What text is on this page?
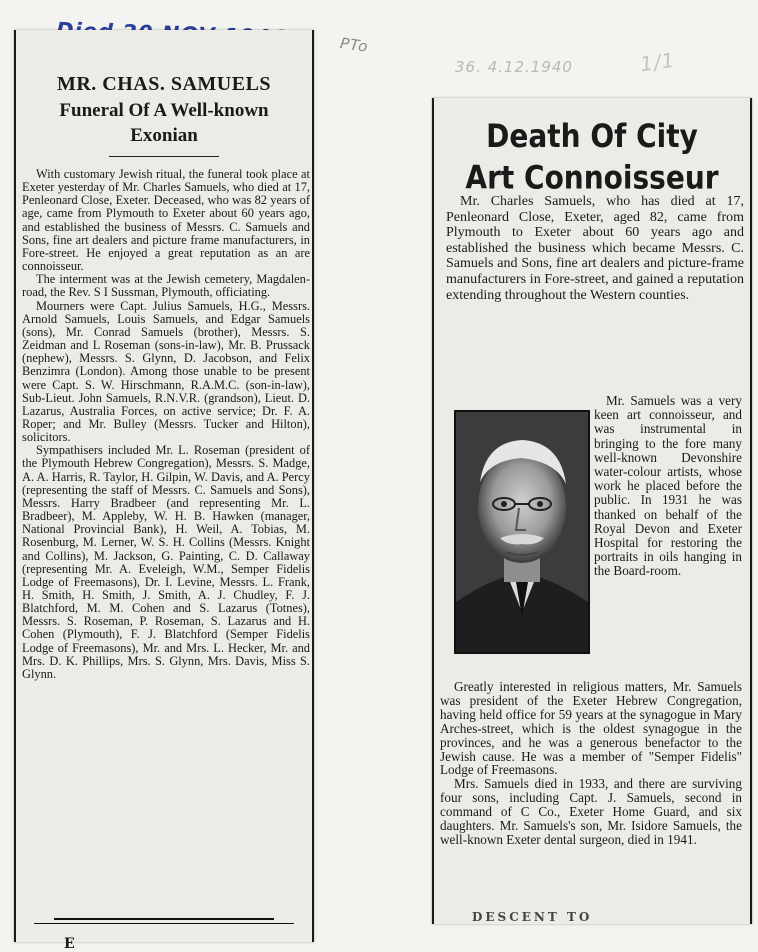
PTo
36. 4.12.1940	1/1
MR. CHAS. SAMUELS
Funeral Of A Well-known
Exonian

With customary Jewish ritual, the funeral took place at Exeter yesterday of Mr. Charles Samuels, who died at 17, Penleonard Close, Exeter. Deceased, who was 82 years of age, came from Plymouth to Exeter about 60 years ago, and established the business of Messrs. C. Samuels and Sons, fine art dealers and picture frame manufacturers, in Fore-street. He enjoyed a great reputation as an are connoisseur.

The interment was at the Jewish cemetery, Magdalen-road, the Rev. S I Sussman, Plymouth, officiating.

Mourners were Capt. Julius Samuels, H.G., Messrs. Arnold Samuels, Louis Samuels, and Edgar Samuels (sons), Mr. Conrad Samuels (brother), Messrs. S. Zeidman and L Roseman (sons-in-law), Mr. B. Prussack (nephew), Messrs. S. Glynn, D. Jacobson, and Felix Benzimra (London). Among those unable to be present were Capt. S. W. Hirschmann, R.A.M.C. (son-in-law), Sub-Lieut. John Samuels, R.N.V.R. (grandson), Lieut. D. Lazarus, Australia Forces, on active service; Dr. F. A. Roper; and Mr. Bulley (Messrs. Tucker and Hilton), solicitors.

Sympathisers included Mr. L. Roseman (president of the Plymouth Hebrew Congregation), Messrs. S. Madge, A. A. Harris, R. Taylor, H. Gilpin, W. Davis, and A. Percy (representing the staff of Messrs. C. Samuels and Sons), Messrs. Harry Bradbeer (and representing Mr. L. Bradbeer), M. Appleby, W. H. B. Hawken (manager, National Provincial Bank), H. Weil, A. Tobias, M. Rosenburg, M. Lerner, W. S. H. Collins (Messrs. Knight and Collins), M. Jackson, G. Painting, C. D. Callaway (representing Mr. A. Eveleigh, W.M., Semper Fidelis Lodge of Freemasons), Dr. I. Levine, Messrs. L. Frank, H. Smith, H. Smith, J. Smith, A. J. Chudley, F. J. Blatchford, M. M. Cohen and S. Lazarus (Totnes), Messrs. S. Roseman, P. Roseman, S. Lazarus and H. Cohen (Plymouth), F. J. Blatchford (Semper Fidelis Lodge of Freemasons), Mr. and Mrs. L. Hecker, Mr. and Mrs. D. K. Phillips, Mrs. S. Glynn, Mrs. Davis, Miss S. Glynn.

E
Death Of City
Art Connoisseur
Mr. Charles Samuels, who has died at 17, Penleonard Close, Exeter, aged 82, came from Plymouth to Exeter about 60 years ago and established the business which became Messrs. C. Samuels and Sons, fine art dealers and picture-frame manufacturers in Fore-street, and gained a reputation extending throughout the Western counties.
Mr. Samuels was a very keen art connoisseur, and was instrumental in bringing to the fore many well-known Devonshire water-colour artists, whose work he placed before the public. In 1931 he was thanked on behalf of the Royal Devon and Exeter Hospital for restoring the portraits in oils hanging in the Board-room.

Greatly interested in religious matters, Mr. Samuels was president of the Exeter Hebrew Congregation, having held office for 59 years at the synagogue in Mary Arches-street, which is the oldest synagogue in the provinces, and he was a generous benefactor to the Jewish cause. He was a member of "Semper Fidelis" Lodge of Freemasons.

Mrs. Samuels died in 1933, and there are surviving four sons, including Capt. J. Samuels, second in command of C Co., Exeter Home Guard, and six daughters. Mr. Samuels's son, Mr. Isidore Samuels, the well-known Exeter dental surgeon, died in 1941.

DESCENT TO
